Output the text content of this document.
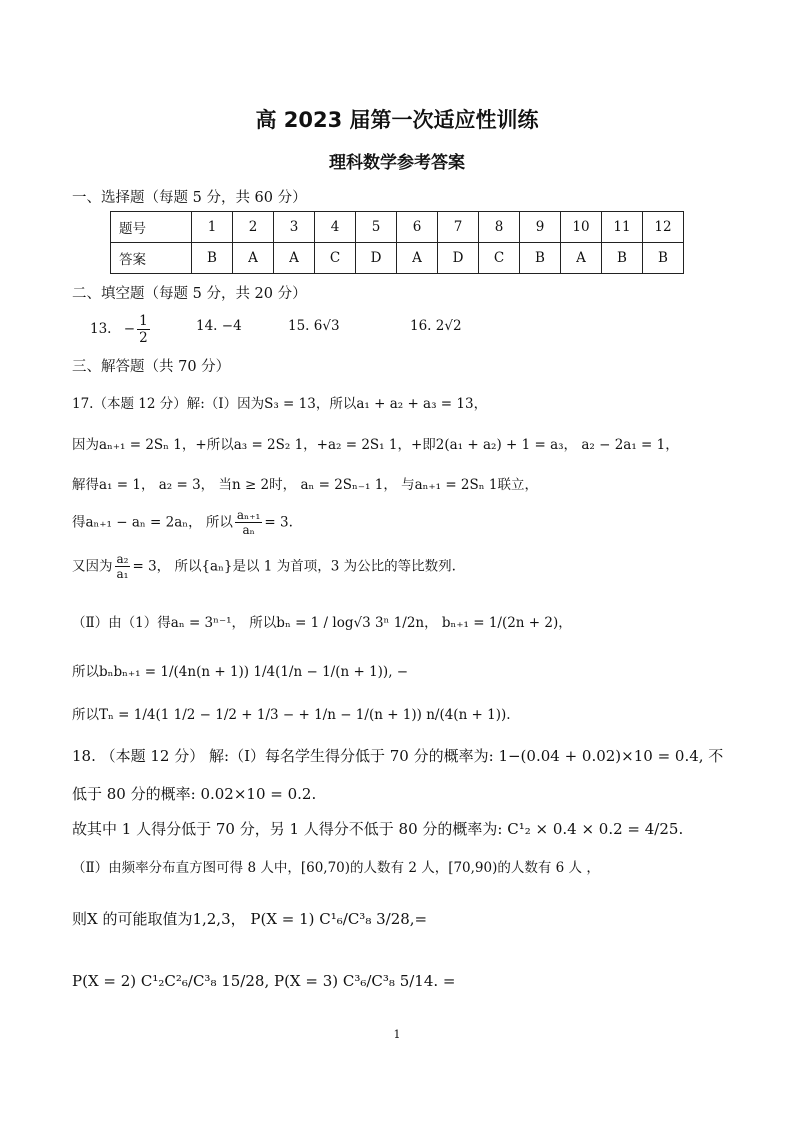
高 2023 届第一次适应性训练
理科数学参考答案
一、选择题（每题 5 分，共 60 分）
题号	1	2	3	4	5	6	7	8	9	10	11	12
答案	B	A	A	C	D	A	D	C	B	A	B	B
二、填空题（每题 5 分，共 20 分）
13. − $\frac{1}{2}$	14. −4	15. 6√3	16. 2√2
三、解答题（共 70 分）
17.（本题 12 分）解:（Ⅰ）因为S₃ = 13，所以a₁ + a₂ + a₃ = 13，
因为aₙ₊₁ = 2Sₙ 1，+所以a₃ = 2S₂ 1，+a₂ = 2S₁ 1，+即2(a₁ + a₂) + 1 = a₃， a₂ − 2a₁ = 1，
解得a₁ = 1， a₂ = 3， 当n ≥ 2时， aₙ = 2Sₙ₋₁ 1， 与aₙ₊₁ = 2Sₙ 1联立，
得aₙ₊₁ − aₙ = 2aₙ， 所以 $\frac{\text{aₙ₊₁}}{\text{aₙ}} = 3$.
又因为 $\frac{\text{a₂}}{\text{a₁}} = 3$， 所以{aₙ}是以 1 为首项，3 为公比的等比数列.
（Ⅱ）由（1）得aₙ = 3ⁿ⁻¹， 所以bₙ = 1 / log√3 3ⁿ 1/2n， bₙ₊₁ = 1/(2n + 2)，
所以bₙbₙ₊₁ = 1/(4n(n + 1)) 1/4(1/n − 1/(n + 1)), −
所以Tₙ = 1/4(1 1/2 − 1/2 + 1/3 − + 1/n − 1/(n + 1)) n/(4(n + 1)).
18. （本题 12 分） 解:（Ⅰ）每名学生得分低于 70 分的概率为: 1−(0.04 + 0.02)×10 = 0.4, 不
低于 80 分的概率: 0.02×10 = 0.2.
故其中 1 人得分低于 70 分，另 1 人得分不低于 80 分的概率为: C¹₂ × 0.4 × 0.2 = 4/25.
（Ⅱ）由频率分布直方图可得 8 人中，[60,70)的人数有 2 人，[70,90)的人数有 6 人 ，
则X 的可能取值为1,2,3， P(X = 1) C¹₆/C³₈ 3/28,=
P(X = 2) C¹₂C²₆/C³₈ 15/28, P(X = 3) C³₆/C³₈ 5/14. =
1
